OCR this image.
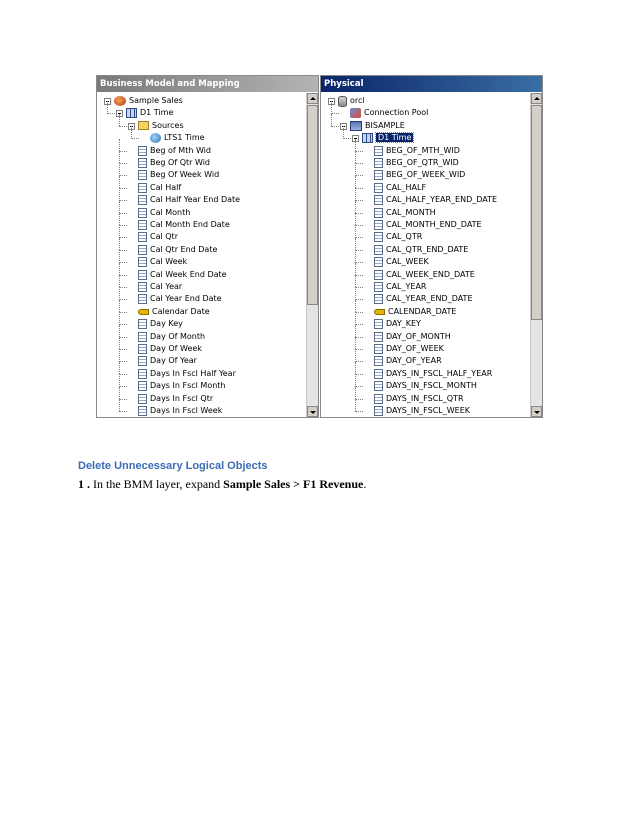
Business Model and Mapping
Sample Sales
D1 Time
Sources
LTS1 Time
Beg of Mth Wid
Beg Of Qtr Wid
Beg Of Week Wid
Cal Half
Cal Half Year End Date
Cal Month
Cal Month End Date
Cal Qtr
Cal Qtr End Date
Cal Week
Cal Week End Date
Cal Year
Cal Year End Date
Calendar Date
Day Key
Day Of Month
Day Of Week
Day Of Year
Days In Fscl Half Year
Days In Fscl Month
Days In Fscl Qtr
Days In Fscl Week
Physical
orcl
Connection Pool
BISAMPLE
D1 Time
BEG_OF_MTH_WID
BEG_OF_QTR_WID
BEG_OF_WEEK_WID
CAL_HALF
CAL_HALF_YEAR_END_DATE
CAL_MONTH
CAL_MONTH_END_DATE
CAL_QTR
CAL_QTR_END_DATE
CAL_WEEK
CAL_WEEK_END_DATE
CAL_YEAR
CAL_YEAR_END_DATE
CALENDAR_DATE
DAY_KEY
DAY_OF_MONTH
DAY_OF_WEEK
DAY_OF_YEAR
DAYS_IN_FSCL_HALF_YEAR
DAYS_IN_FSCL_MONTH
DAYS_IN_FSCL_QTR
DAYS_IN_FSCL_WEEK
Delete Unnecessary Logical Objects
1 . In the BMM layer, expand Sample Sales > F1 Revenue.
